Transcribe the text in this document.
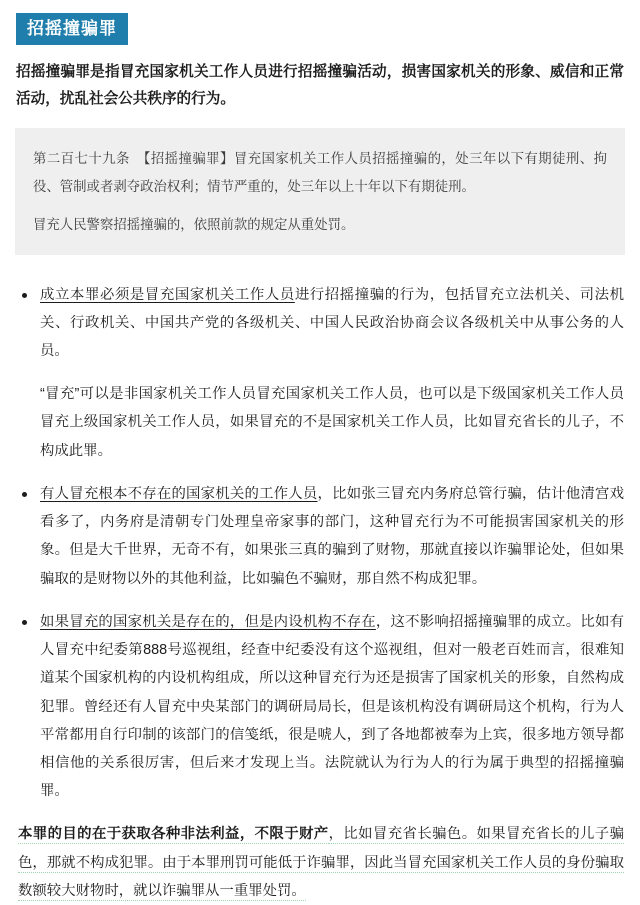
招摇撞骗罪

招摇撞骗罪是指冒充国家机关工作人员进行招摇撞骗活动，损害国家机关的形象、威信和正常活动，扰乱社会公共秩序的行为。

第二百七十九条　【招摇撞骗罪】冒充国家机关工作人员招摇撞骗的，处三年以下有期徒刑、拘役、管制或者剥夺政治权利；情节严重的，处三年以上十年以下有期徒刑。

冒充人民警察招摇撞骗的，依照前款的规定从重处罚。

成立本罪必须是冒充国家机关工作人员进行招摇撞骗的行为，包括冒充立法机关、司法机关、行政机关、中国共产党的各级机关、中国人民政治协商会议各级机关中从事公务的人员。

“冒充”可以是非国家机关工作人员冒充国家机关工作人员，也可以是下级国家机关工作人员冒充上级国家机关工作人员，如果冒充的不是国家机关工作人员，比如冒充省长的儿子，不构成此罪。

有人冒充根本不存在的国家机关的工作人员，比如张三冒充内务府总管行骗，估计他清宫戏看多了，内务府是清朝专门处理皇帝家事的部门，这种冒充行为不可能损害国家机关的形象。但是大千世界，无奇不有，如果张三真的骗到了财物，那就直接以诈骗罪论处，但如果骗取的是财物以外的其他利益，比如骗色不骗财，那自然不构成犯罪。
如果冒充的国家机关是存在的，但是内设机构不存在，这不影响招摇撞骗罪的成立。比如有人冒充中纪委第888号巡视组，经查中纪委没有这个巡视组，但对一般老百姓而言，很难知道某个国家机构的内设机构组成，所以这种冒充行为还是损害了国家机关的形象，自然构成犯罪。曾经还有人冒充中央某部门的调研局局长，但是该机构没有调研局这个机构，行为人平常都用自行印制的该部门的信笺纸，很是唬人，到了各地都被奉为上宾，很多地方领导都相信他的关系很厉害，但后来才发现上当。法院就认为行为人的行为属于典型的招摇撞骗罪。

本罪的目的在于获取各种非法利益，不限于财产，比如冒充省长骗色。如果冒充省长的儿子骗色，那就不构成犯罪。由于本罪刑罚可能低于诈骗罪，因此当冒充国家机关工作人员的身份骗取数额较大财物时，就以诈骗罪从一重罪处罚。
